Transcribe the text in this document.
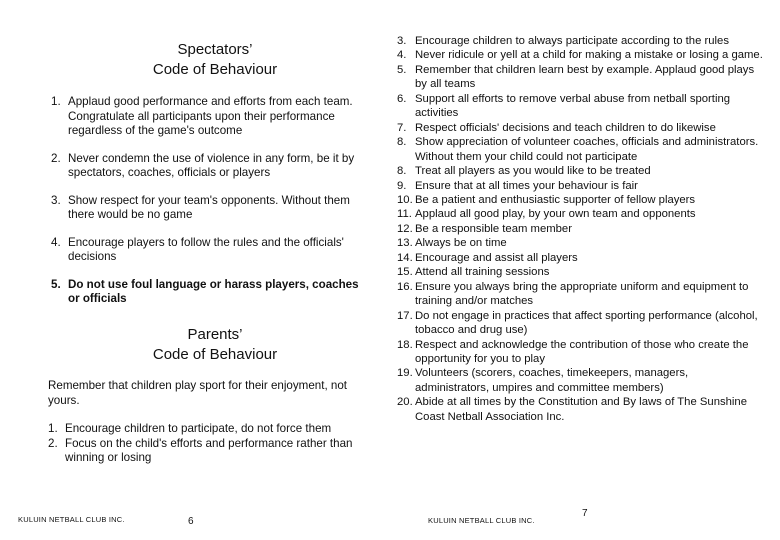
Spectators’
Code of Behaviour
1. Applaud good performance and efforts from each team. Congratulate all participants upon their performance regardless of the game's outcome
2. Never condemn the use of violence in any form, be it by spectators, coaches, officials or players
3. Show respect for your team's opponents. Without them there would be no game
4. Encourage players to follow the rules and the officials' decisions
5. Do not use foul language or harass players, coaches or officials
Parents’
Code of Behaviour
Remember that children play sport for their enjoyment, not yours.
1. Encourage children to participate, do not force them
2. Focus on the child's efforts and performance rather than winning or losing
KULUIN NETBALL CLUB INC.	6
3. Encourage children to always participate according to the rules
4. Never ridicule or yell at a child for making a mistake or losing a game.
5. Remember that children learn best by example. Applaud good plays by all teams
6. Support all efforts to remove verbal abuse from netball sporting activities
7. Respect officials' decisions and teach children to do likewise
8. Show appreciation of volunteer coaches, officials and administrators. Without them your child could not participate
8. Treat all players as you would like to be treated
9. Ensure that at all times your behaviour is fair
10. Be a patient and enthusiastic supporter of fellow players
11. Applaud all good play, by your own team and opponents
12. Be a responsible team member
13. Always be on time
14. Encourage and assist all players
15. Attend all training sessions
16. Ensure you always bring the appropriate uniform and equipment to training and/or matches
17. Do not engage in practices that affect sporting performance (alcohol, tobacco and drug use)
18. Respect and acknowledge the contribution of those who create the opportunity for you to play
19. Volunteers (scorers, coaches, timekeepers, managers, administrators, umpires and committee members)
20. Abide at all times by the Constitution and By laws of The Sunshine Coast Netball Association Inc.
KULUIN NETBALL CLUB INC.
7
